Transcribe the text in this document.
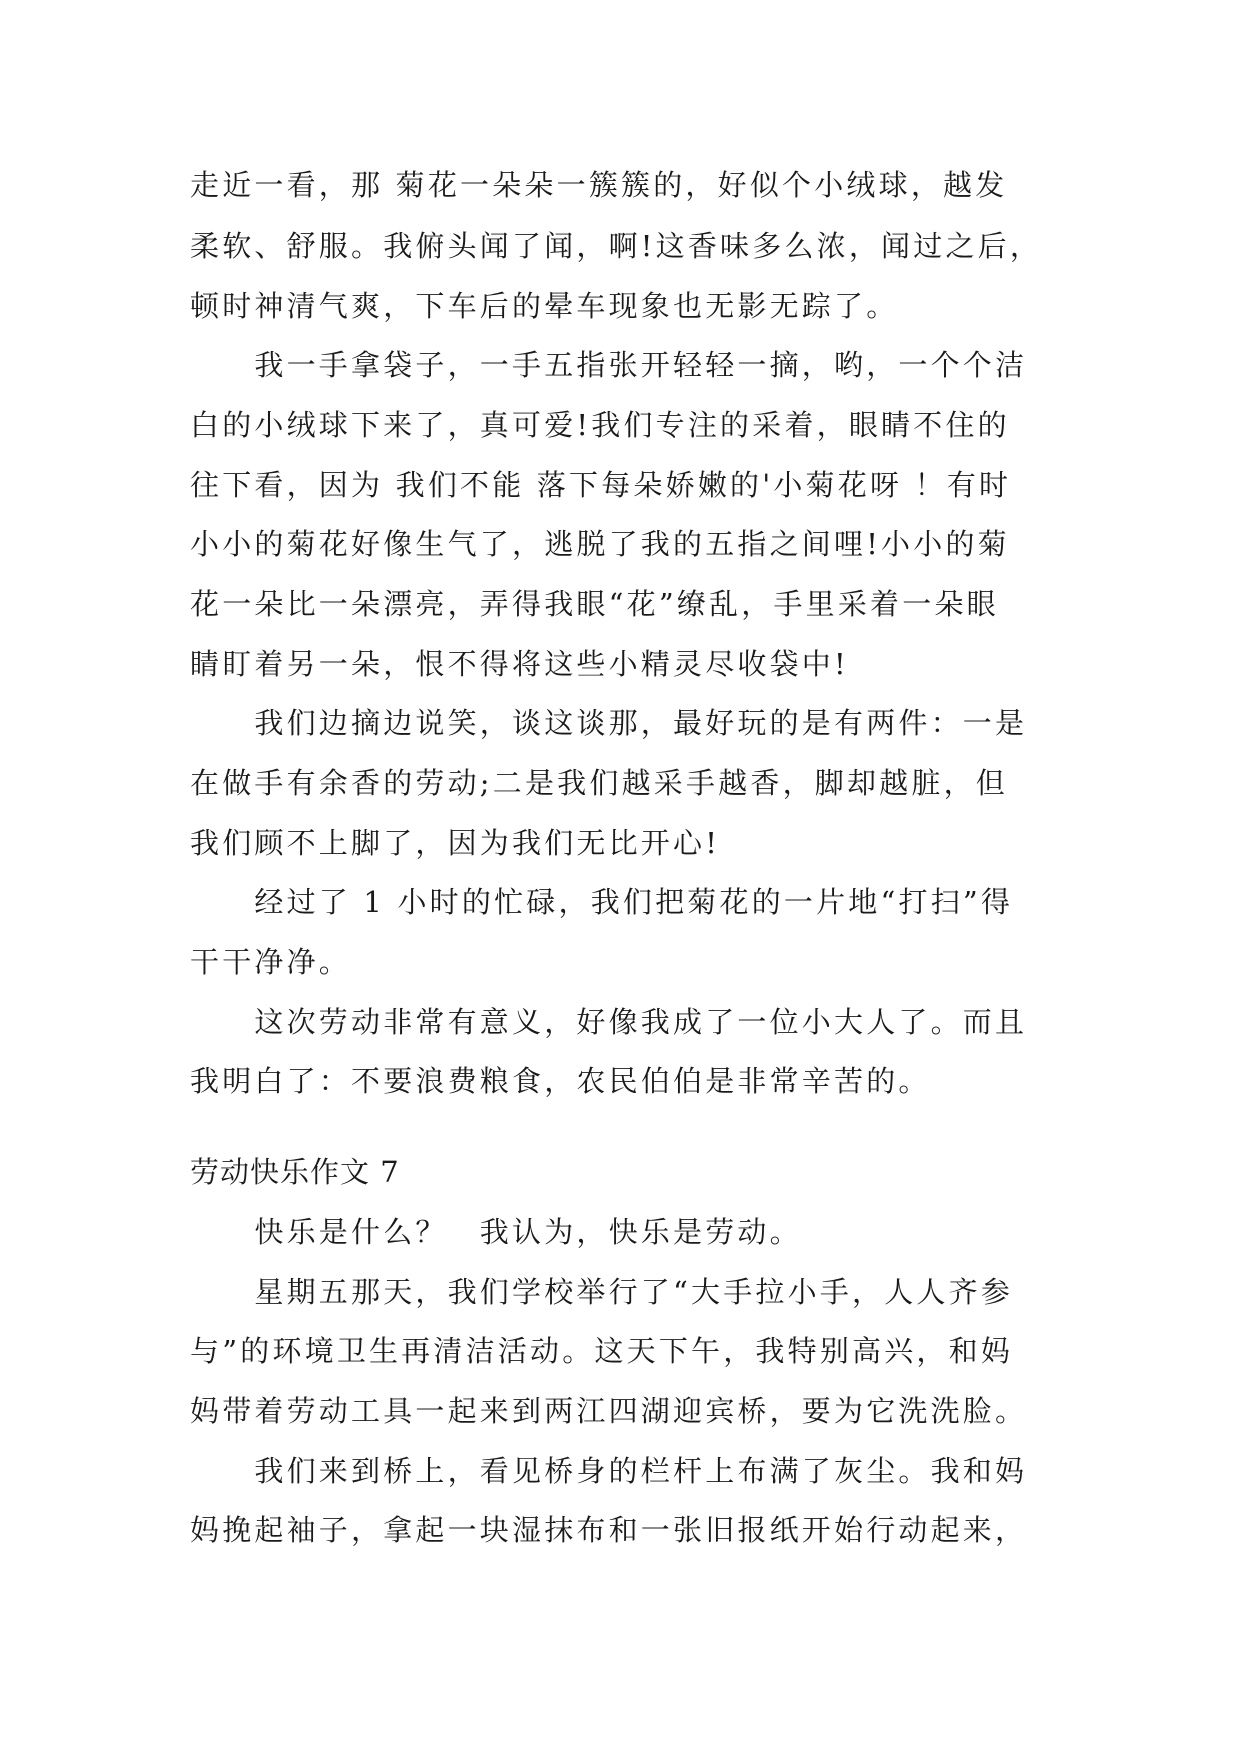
走近一看，那 菊花一朵朵一簇簇的，好似个小绒球，越发
柔软、舒服。我俯头闻了闻，啊!这香味多么浓，闻过之后，
顿时神清气爽，下车后的晕车现象也无影无踪了。
　　我一手拿袋子，一手五指张开轻轻一摘，哟，一个个洁
白的小绒球下来了，真可爱!我们专注的采着，眼睛不住的
往下看，因为 我们不能 落下每朵娇嫩的'小菊花呀 ！有时
小小的菊花好像生气了，逃脱了我的五指之间哩!小小的菊
花一朵比一朵漂亮，弄得我眼“花”缭乱，手里采着一朵眼
睛盯着另一朵，恨不得将这些小精灵尽收袋中!
　　我们边摘边说笑，谈这谈那，最好玩的是有两件：一是
在做手有余香的劳动;二是我们越采手越香，脚却越脏，但
我们顾不上脚了，因为我们无比开心!
　　经过了 1 小时的忙碌，我们把菊花的一片地“打扫”得
干干净净。
　　这次劳动非常有意义，好像我成了一位小大人了。而且
我明白了：不要浪费粮食，农民伯伯是非常辛苦的。
劳动快乐作文 7
　　快乐是什么？　我认为，快乐是劳动。
　　星期五那天，我们学校举行了“大手拉小手，人人齐参
与”的环境卫生再清洁活动。这天下午，我特别高兴，和妈
妈带着劳动工具一起来到两江四湖迎宾桥，要为它洗洗脸。
　　我们来到桥上，看见桥身的栏杆上布满了灰尘。我和妈
妈挽起袖子，拿起一块湿抹布和一张旧报纸开始行动起来，
